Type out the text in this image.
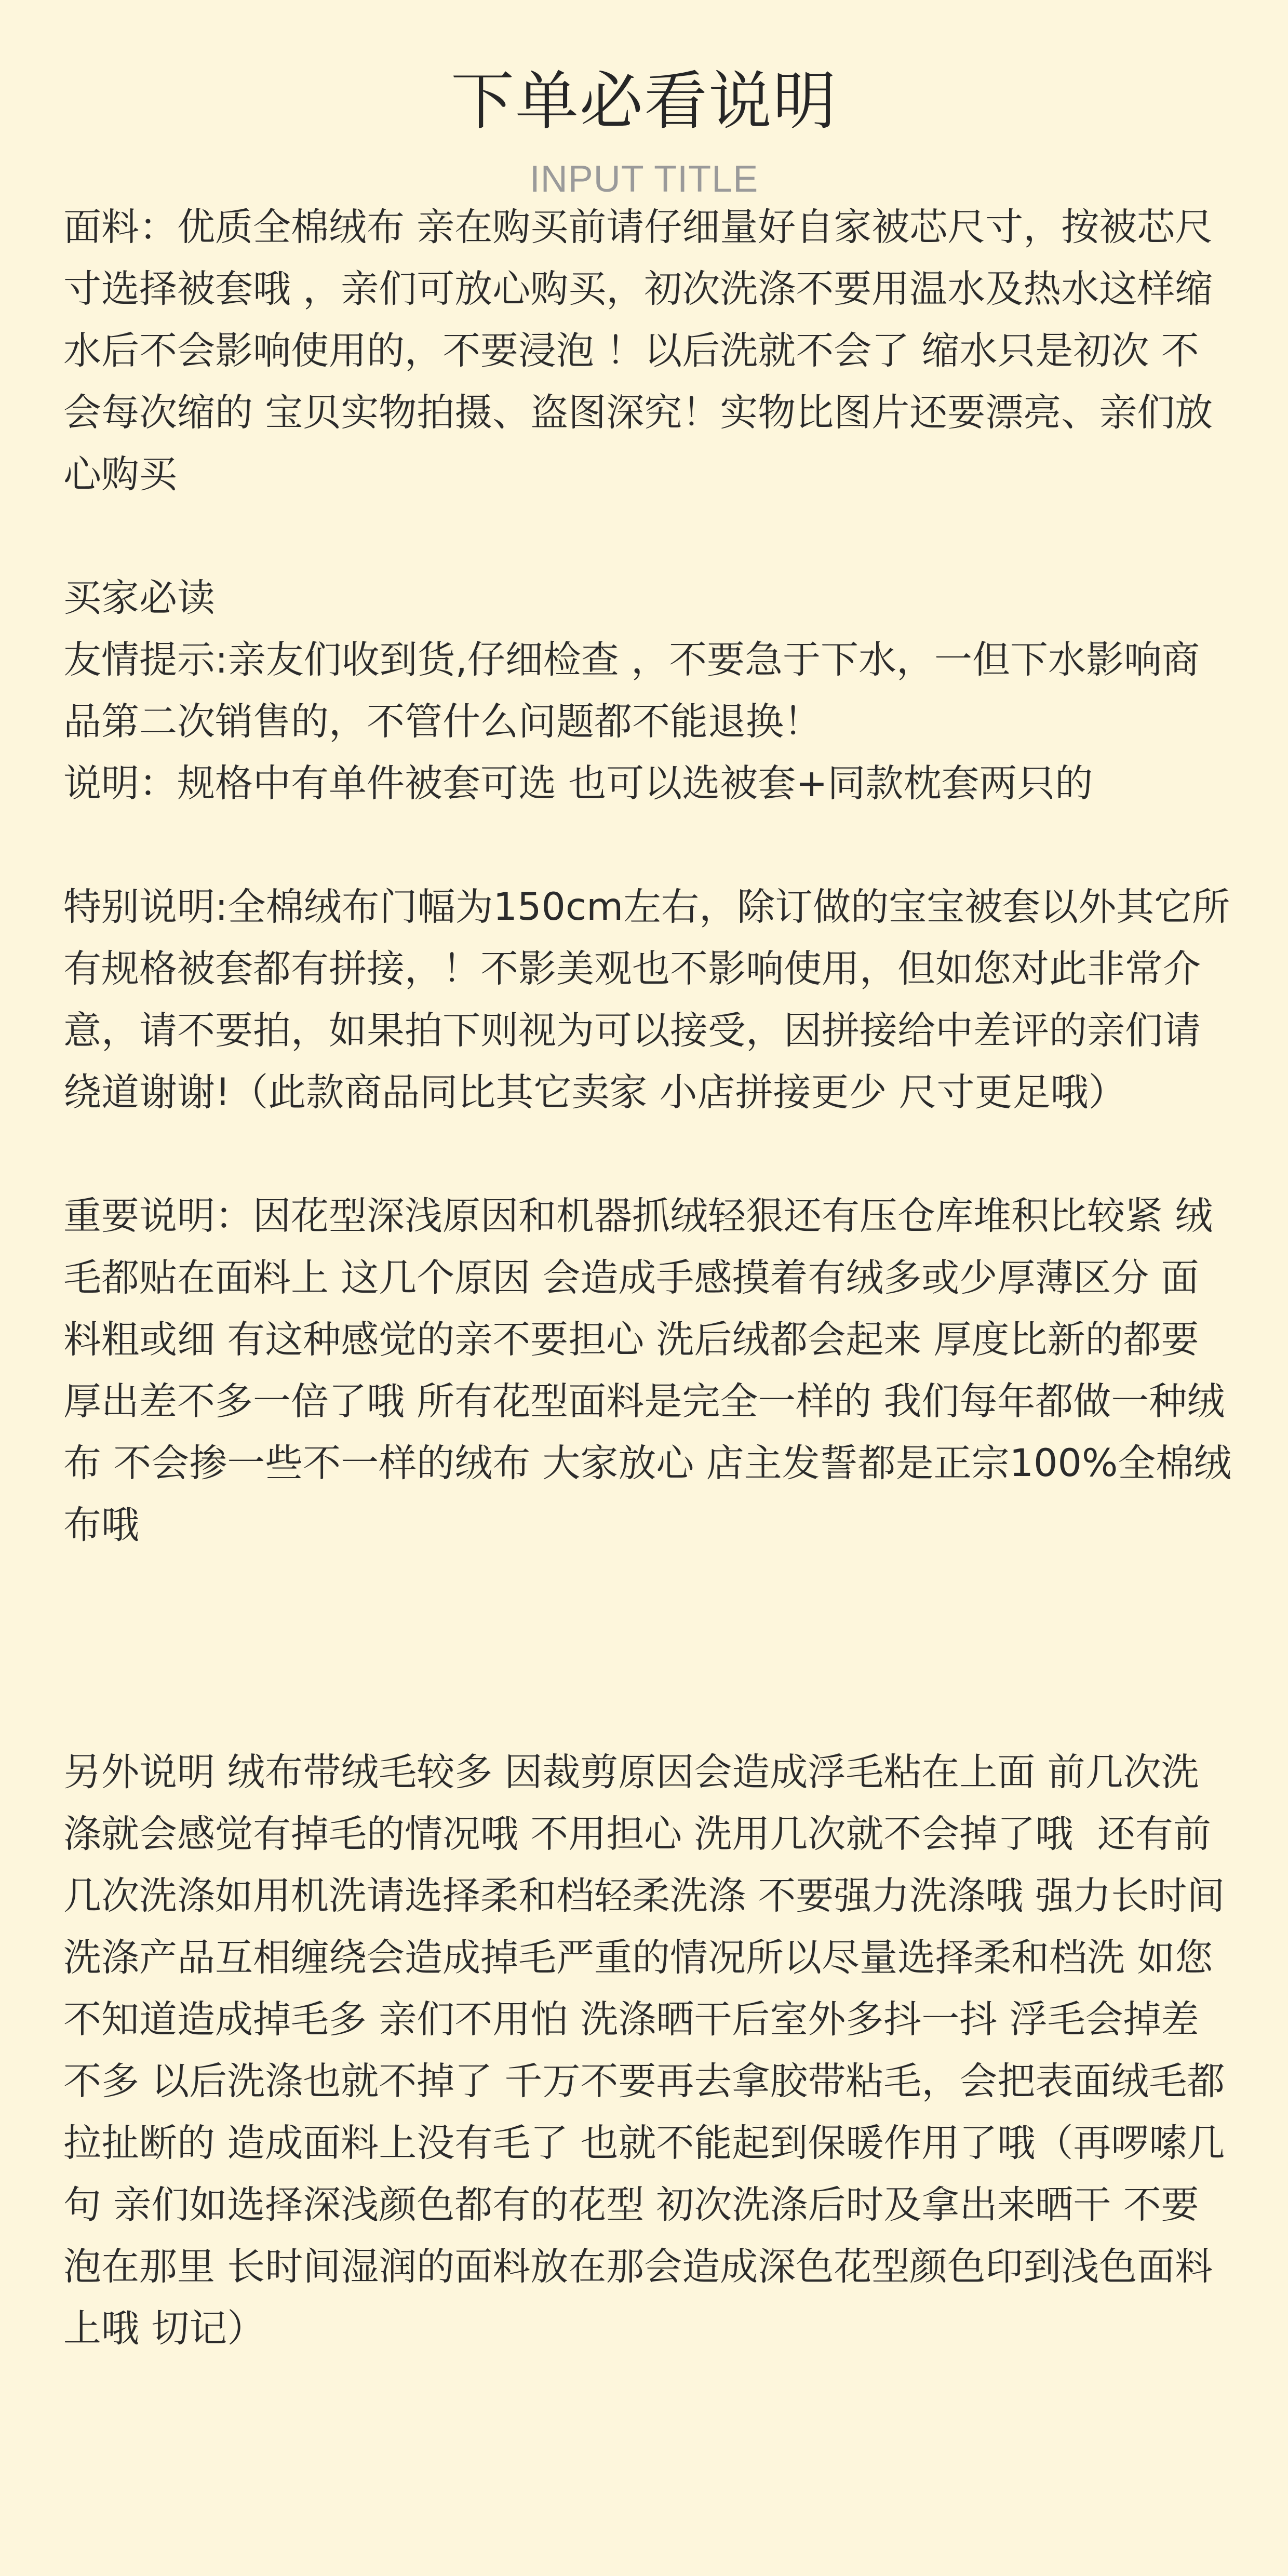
下单必看说明
INPUT TITLE

面料：优质全棉绒布 亲在购买前请仔细量好自家被芯尺寸，按被芯尺寸选择被套哦 ，亲们可放心购买，初次洗涤不要用温水及热水这样缩水后不会影响使用的，不要浸泡 ！以后洗就不会了 缩水只是初次 不会每次缩的 宝贝实物拍摄、盗图深究！实物比图片还要漂亮、亲们放心购买

买家必读
友情提示:亲友们收到货,仔细检查 ，不要急于下水，一但下水影响商品第二次销售的，不管什么问题都不能退换！
说明：规格中有单件被套可选 也可以选被套+同款枕套两只的

特别说明:全棉绒布门幅为150cm左右，除订做的宝宝被套以外其它所有规格被套都有拼接，！不影美观也不影响使用，但如您对此非常介意，请不要拍，如果拍下则视为可以接受，因拼接给中差评的亲们请绕道谢谢!（此款商品同比其它卖家 小店拼接更少 尺寸更足哦）

重要说明：因花型深浅原因和机器抓绒轻狠还有压仓库堆积比较紧 绒毛都贴在面料上 这几个原因 会造成手感摸着有绒多或少厚薄区分 面料粗或细 有这种感觉的亲不要担心 洗后绒都会起来 厚度比新的都要厚出差不多一倍了哦 所有花型面料是完全一样的 我们每年都做一种绒布 不会掺一些不一样的绒布 大家放心 店主发誓都是正宗100%全棉绒布哦

另外说明 绒布带绒毛较多 因裁剪原因会造成浮毛粘在上面 前几次洗涤就会感觉有掉毛的情况哦 不用担心 洗用几次就不会掉了哦  还有前几次洗涤如用机洗请选择柔和档轻柔洗涤 不要强力洗涤哦 强力长时间洗涤产品互相缠绕会造成掉毛严重的情况所以尽量选择柔和档洗 如您不知道造成掉毛多 亲们不用怕 洗涤晒干后室外多抖一抖 浮毛会掉差不多 以后洗涤也就不掉了 千万不要再去拿胶带粘毛，会把表面绒毛都拉扯断的 造成面料上没有毛了 也就不能起到保暖作用了哦（再啰嗦几句 亲们如选择深浅颜色都有的花型 初次洗涤后时及拿出来晒干 不要泡在那里 长时间湿润的面料放在那会造成深色花型颜色印到浅色面料上哦 切记）
